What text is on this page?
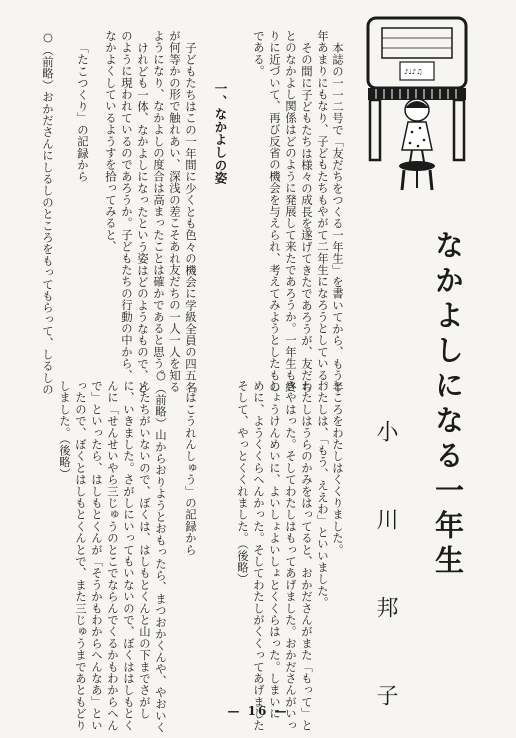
♪♩♪♫
なかよしになる一年生
小　川　邦　子
本誌の一一二号で「友だちをつくる一年生」を書いてから、もう半
年あまりにもなり、子どもたちもやがて二年生になろうとしている。
その間に子どもたちは様々の成長を遂げてきたであろうが、友だち
とのなかよし関係はどのように発展して来たであろうか。一年生も終
りに近づいて、再び反省の機会を与えられ、考えてみようとしたもの
である。
一、なかよしの姿
子どもたちはこの一年間に少くとも色々の機会に学級全員の四五名
が何等かの形で触れあい、深浅の差こそあれ友だちの一人一人を知る
ようになり、なかよしの度合は高まったことは確かであると思う。
けれども一体、なかよしになったという姿はどのようなもので、ど
のように現われているのであろうか。子どもたちの行動の中から、
なかよくしているようすを拾ってみると、
「たこつくり」の記録から
○（前略）おかださんにしるしのところをもってもらって、しるしの
ところをわたしはくくりました。
わたしは、「もう、ええわ」といいました。
わたしはうらのかみをはってると、おかださんがまた「もって」と
きやはった。そしてわたしはもってあげました。おかださんがいっ
しょうけんめいに、よいしょよいしょとくくらはった。しまいに
めに、ようくくらへんかった。そしてわたしがくくってあげました
そして、やっとくくれました。（後略）
「はこうれんしゅう」の記録から
○（前略）山からおりようとおもったら、まつおかくんや、やおいく
んたちがいないので、ぼくは、はしもとくんと山の下までさがし
に、いきました。さがしにいってもいないので、ぼくははしもとく
んに「せんせいやら三じゅうのとこでならんでくるかもわからへん
で」といったら、はしもとくんが「そうかもわからへんなあ」とい
ったので、ぼくとはしもとくんとで、また三じゅうまであともどり
しました。（後略）
— 16 —
